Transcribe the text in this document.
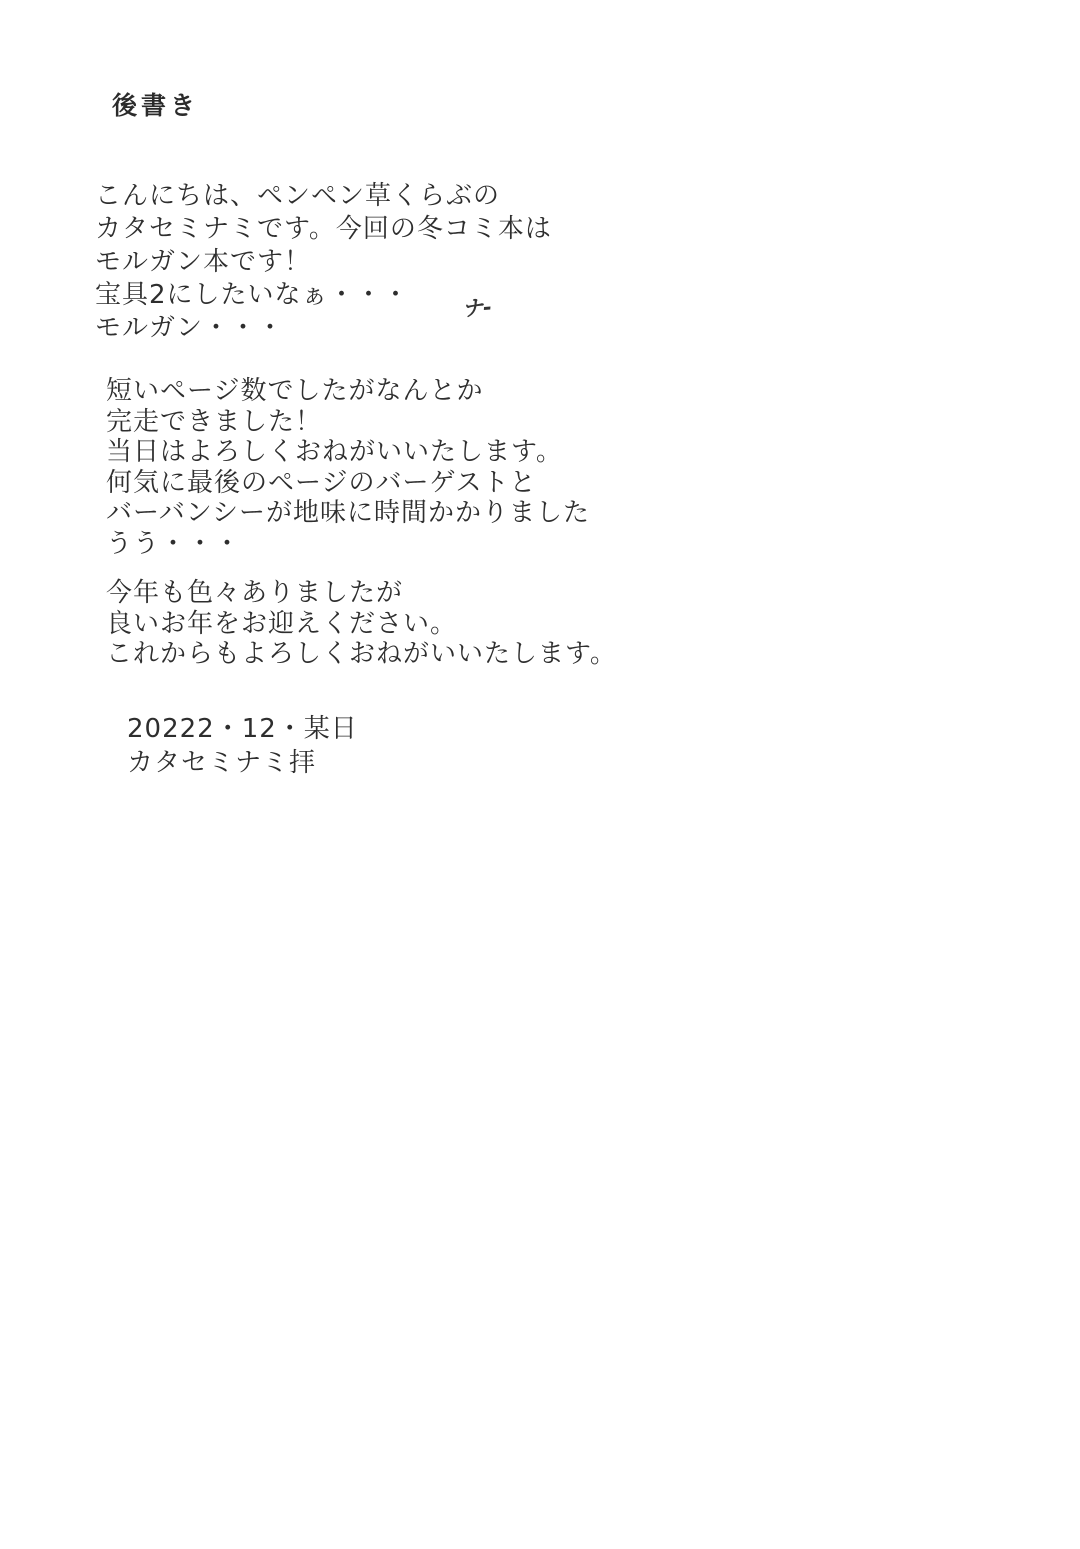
後書き
こんにちは、ペンペン草くらぶの
カタセミナミです。今回の冬コミ本は
モルガン本です！
宝具2にしたいなぁ・・・
モルガン・・・
ナ-
短いページ数でしたがなんとか
完走できました！
当日はよろしくおねがいいたします。
何気に最後のページのバーゲストと
バーバンシーが地味に時間かかりました
うう・・・
今年も色々ありましたが
良いお年をお迎えください。
これからもよろしくおねがいいたします。
20222・12・某日
カタセミナミ拝
